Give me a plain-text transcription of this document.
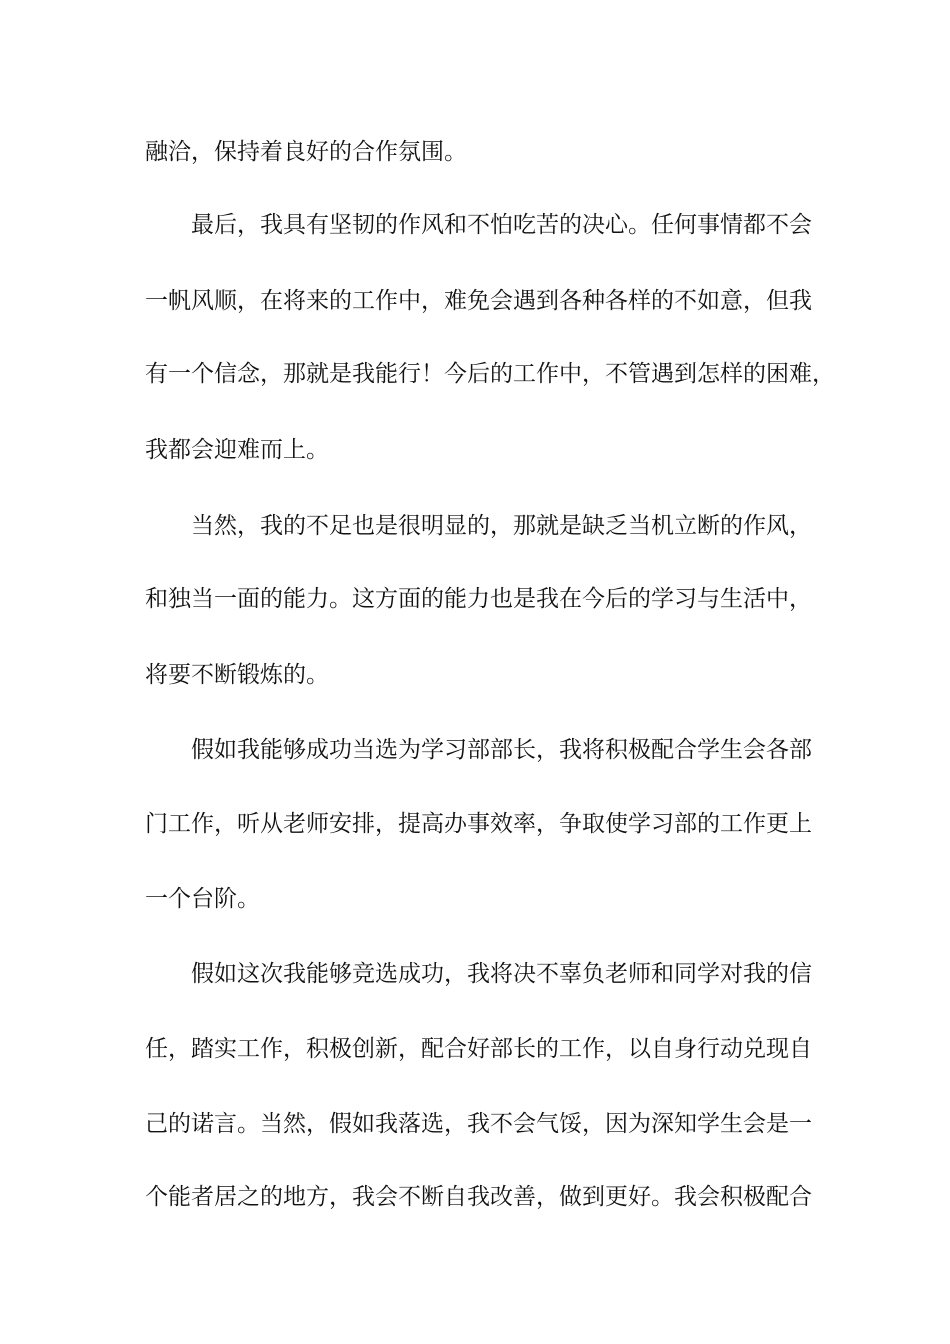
融洽，保持着良好的合作氛围。
最后，我具有坚韧的作风和不怕吃苦的决心。任何事情都不会
一帆风顺，在将来的工作中，难免会遇到各种各样的不如意，但我
有一个信念，那就是我能行！今后的工作中，不管遇到怎样的困难，
我都会迎难而上。
当然，我的不足也是很明显的，那就是缺乏当机立断的作风，
和独当一面的能力。这方面的能力也是我在今后的学习与生活中，
将要不断锻炼的。
假如我能够成功当选为学习部部长，我将积极配合学生会各部
门工作，听从老师安排，提高办事效率，争取使学习部的工作更上
一个台阶。
假如这次我能够竞选成功，我将决不辜负老师和同学对我的信
任，踏实工作，积极创新，配合好部长的工作，以自身行动兑现自
己的诺言。当然，假如我落选，我不会气馁，因为深知学生会是一
个能者居之的地方，我会不断自我改善，做到更好。我会积极配合
